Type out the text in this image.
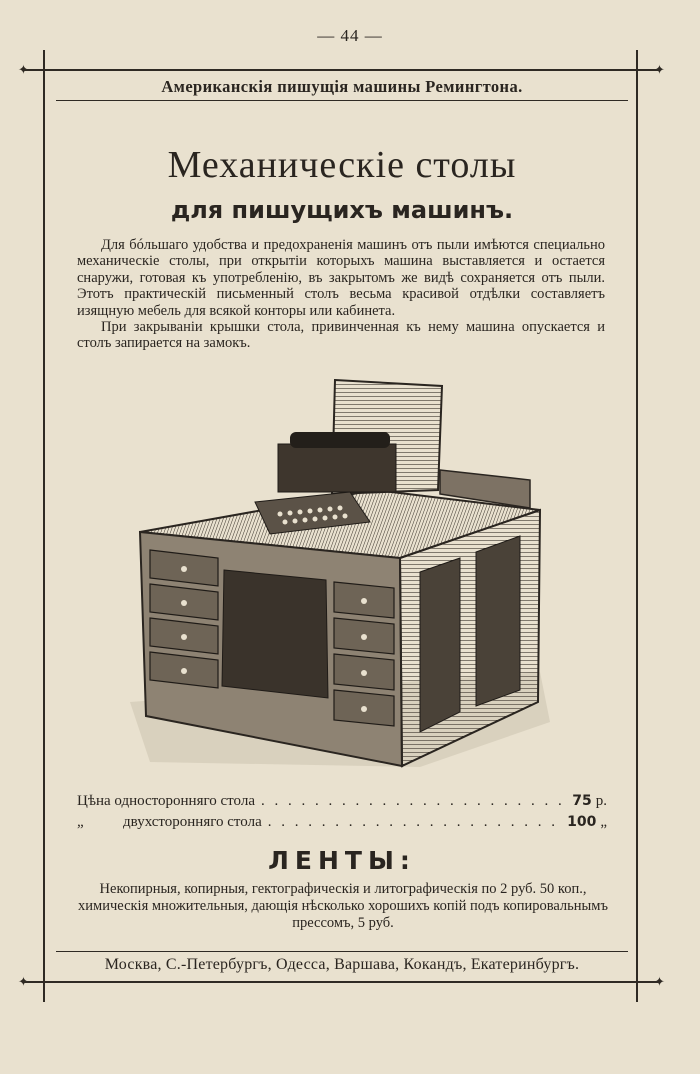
— 44 —
✦	✦
✦	✦
Американскія пишущія машины Ремингтона.
Механическіе столы
для пишущихъ машинъ.

Для бóльшаго удобства и предохраненія машинъ отъ пыли имѣются специально механическіе столы, при открытіи которыхъ машина выставляется и остается снаружи, готовая къ употребленію, въ закрытомъ же видѣ сохраняется отъ пыли. Этотъ практическій письменный столъ весьма красивой отдѣлки составляетъ изящную мебель для всякой конторы или кабинета.

При закрываніи крышки стола, привинченная къ нему машина опускается и столъ запирается на замокъ.

Цѣна односторонняго стола . . .	75 р.
„	двухсторонняго стола . . .	100 „
ЛЕНТЫ:
Некопирныя, копирныя, гектографическія и литографическія по 2 руб. 50 коп., химическія множительныя, дающія нѣсколько хорошихъ копій подъ копировальнымъ прессомъ, 5 руб.
Москва, С.-Петербургъ, Одесса, Варшава, Кокандъ, Екатеринбургъ.
